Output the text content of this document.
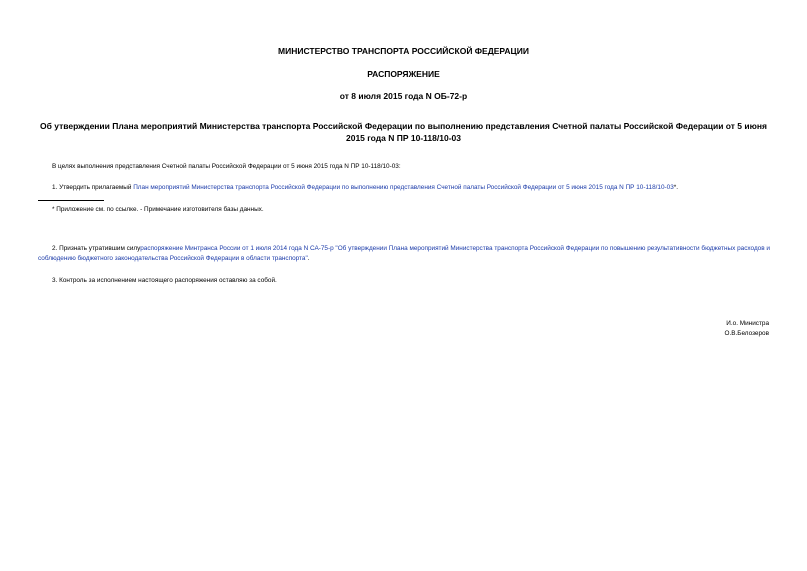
МИНИСТЕРСТВО ТРАНСПОРТА РОССИЙСКОЙ ФЕДЕРАЦИИ
РАСПОРЯЖЕНИЕ
от 8 июля 2015 года N ОБ-72-р
Об утверждении Плана мероприятий Министерства транспорта Российской Федерации по выполнению представления Счетной палаты Российской Федерации от 5 июня 2015 года N ПР 10-118/10-03
В целях выполнения представления Счетной палаты Российской Федерации от 5 июня 2015 года N ПР 10-118/10-03:
1. Утвердить прилагаемый План мероприятий Министерства транспорта Российской Федерации по выполнению представления Счетной палаты Российской Федерации от 5 июня 2015 года N ПР 10-118/10-03*.
* Приложение см. по ссылке. - Примечание изготовителя базы данных.
2. Признать утратившим силураспоряжение Минтранса России от 1 июля 2014 года N СА-75-р "Об утверждении Плана мероприятий Министерства транспорта Российской Федерации по повышению результативности бюджетных расходов и соблюдению бюджетного законодательства Российской Федерации в области транспорта".
3. Контроль за исполнением настоящего распоряжения оставляю за собой.
И.о. Министра
О.В.Белозеров
